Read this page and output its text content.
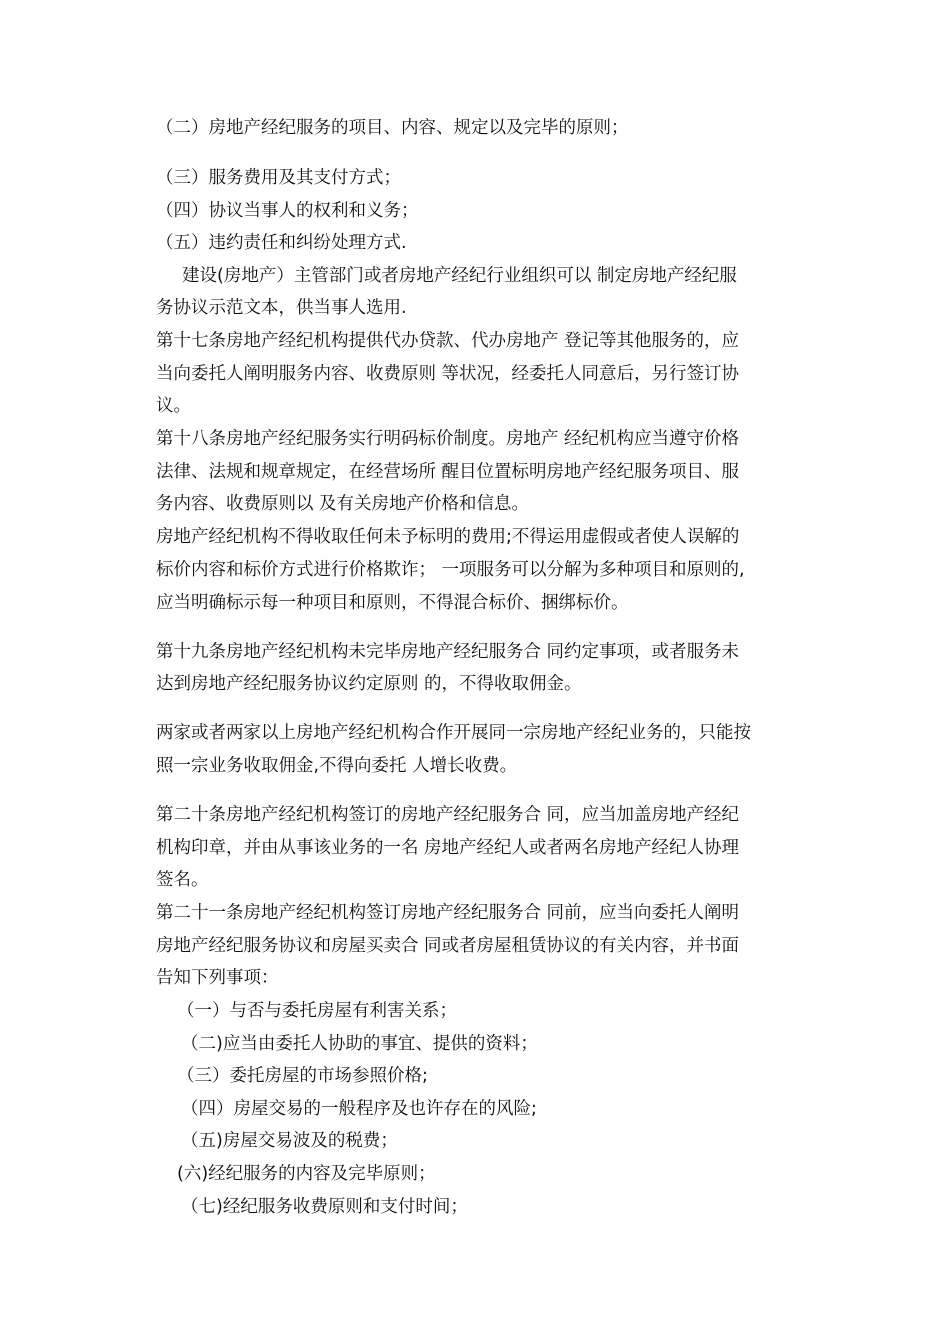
（二）房地产经纪服务的项目、内容、规定以及完毕的原则；
（三）服务费用及其支付方式；
（四）协议当事人的权利和义务；
（五）违约责任和纠纷处理方式.
建设(房地产）主管部门或者房地产经纪行业组织可以 制定房地产经纪服
务协议示范文本，供当事人选用.
第十七条房地产经纪机构提供代办贷款、代办房地产 登记等其他服务的，应
当向委托人阐明服务内容、收费原则 等状况，经委托人同意后，另行签订协
议。
第十八条房地产经纪服务实行明码标价制度。房地产 经纪机构应当遵守价格
法律、法规和规章规定，在经营场所 醒目位置标明房地产经纪服务项目、服
务内容、收费原则以 及有关房地产价格和信息。
房地产经纪机构不得收取任何未予标明的费用;不得运用虚假或者使人误解的
标价内容和标价方式进行价格欺诈； 一项服务可以分解为多种项目和原则的,
应当明确标示每一种项目和原则，不得混合标价、捆绑标价。
第十九条房地产经纪机构未完毕房地产经纪服务合 同约定事项，或者服务未
达到房地产经纪服务协议约定原则 的，不得收取佣金。
两家或者两家以上房地产经纪机构合作开展同一宗房地产经纪业务的，只能按
照一宗业务收取佣金,不得向委托 人增长收费。
第二十条房地产经纪机构签订的房地产经纪服务合 同，应当加盖房地产经纪
机构印章，并由从事该业务的一名 房地产经纪人或者两名房地产经纪人协理
签名。
第二十一条房地产经纪机构签订房地产经纪服务合 同前，应当向委托人阐明
房地产经纪服务协议和房屋买卖合 同或者房屋租赁协议的有关内容，并书面
告知下列事项：
（一）与否与委托房屋有利害关系；
（二)应当由委托人协助的事宜、提供的资料；
（三）委托房屋的市场参照价格;
（四）房屋交易的一般程序及也许存在的风险;
（五)房屋交易波及的税费；
(六)经纪服务的内容及完毕原则；
（七)经纪服务收费原则和支付时间；
